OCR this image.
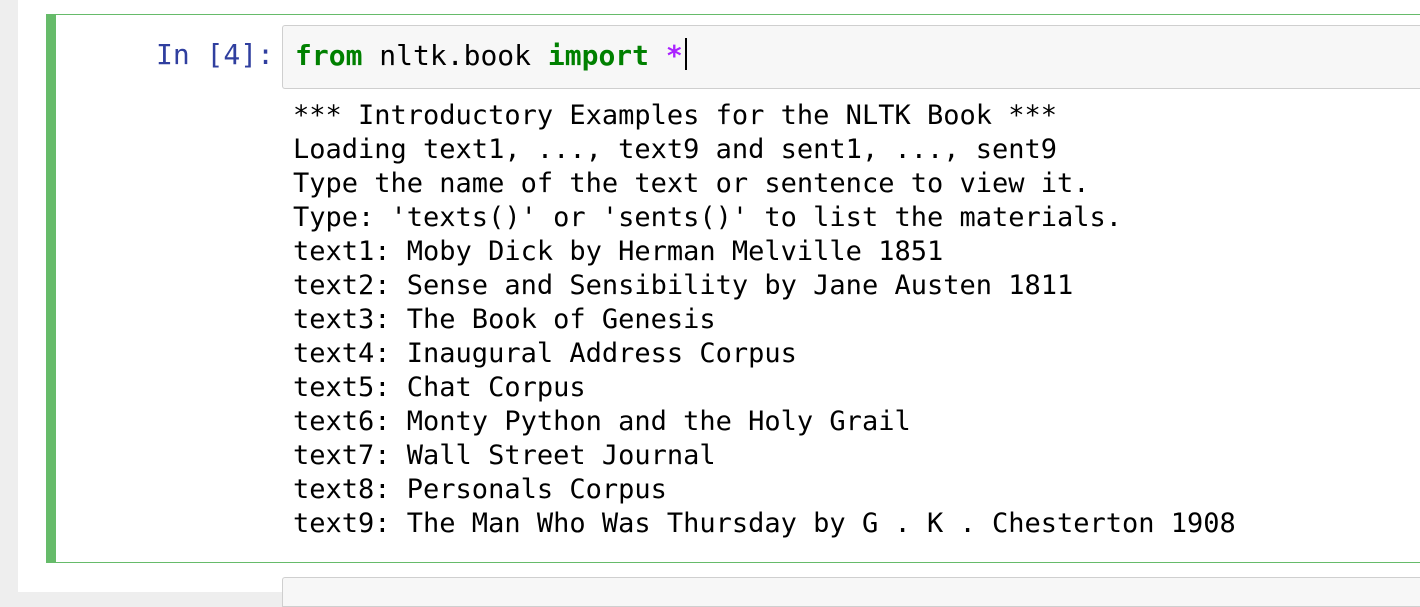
In [4]: from nltk.book import *
*** Introductory Examples for the NLTK Book ***
Loading text1, ..., text9 and sent1, ..., sent9
Type the name of the text or sentence to view it.
Type: 'texts()' or 'sents()' to list the materials.
text1: Moby Dick by Herman Melville 1851
text2: Sense and Sensibility by Jane Austen 1811
text3: The Book of Genesis
text4: Inaugural Address Corpus
text5: Chat Corpus
text6: Monty Python and the Holy Grail
text7: Wall Street Journal
text8: Personals Corpus
text9: The Man Who Was Thursday by G . K . Chesterton 1908
